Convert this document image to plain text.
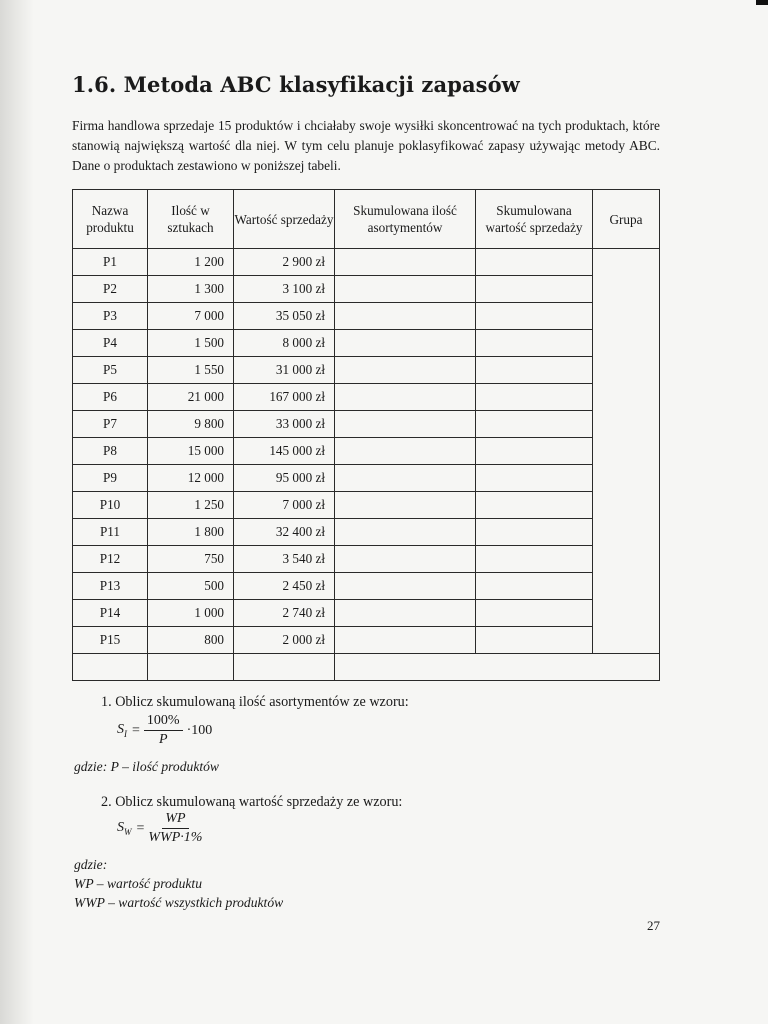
1.6. Metoda ABC klasyfikacji zapasów

Firma handlowa sprzedaje 15 produktów i chciałaby swoje wysiłki skoncentrować na tych produktach, które stanowią największą wartość dla niej. W tym celu planuje poklasyfikować zapasy używając metody ABC. Dane o produktach zestawiono w poniższej tabeli.

Nazwa produktu	Ilość w sztukach	Wartość sprzedaży	Skumulowana ilość asortymentów	Skumulowana wartość sprzedaży	Grupa
P1	1 200	2 900 zł			
P2	1 300	3 100 zł			
P3	7 000	35 050 zł			
P4	1 500	8 000 zł			
P5	1 550	31 000 zł			
P6	21 000	167 000 zł			
P7	9 800	33 000 zł			
P8	15 000	145 000 zł			
P9	12 000	95 000 zł			
P10	1 250	7 000 zł			
P11	1 800	32 400 zł			
P12	750	3 540 zł			
P13	500	2 450 zł			
P14	1 000	2 740 zł			
P15	800	2 000 zł			

1. Oblicz skumulowaną ilość asortymentów ze wzoru:

$S_I = \frac{100\%}{P} \cdot 100$

gdzie: P – ilość produktów

2. Oblicz skumulowaną wartość sprzedaży ze wzoru:

$S_W = \frac{WP}{\text{WWP·1\%}}$

gdzie:

WP – wartość produktu

WWP – wartość wszystkich produktów

27
